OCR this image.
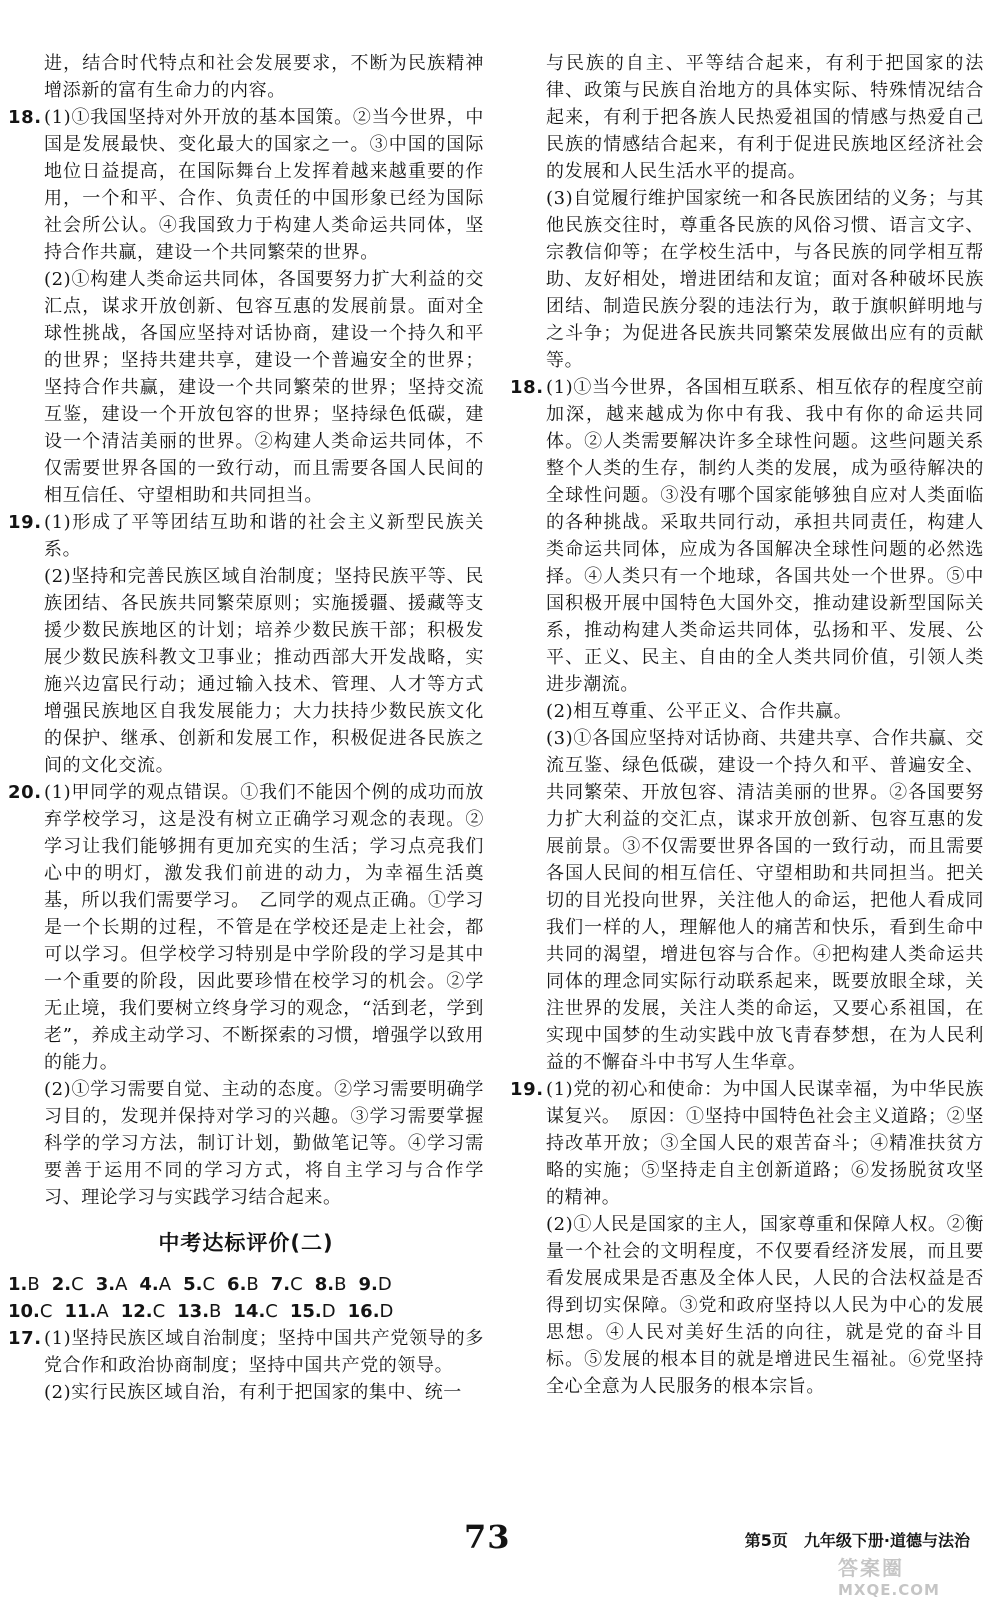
进，结合时代特点和社会发展要求，不断为民族精神增添新的富有生命力的内容。

18. (1)①我国坚持对外开放的基本国策。②当今世界，中国是发展最快、变化最大的国家之一。③中国的国际地位日益提高，在国际舞台上发挥着越来越重要的作用，一个和平、合作、负责任的中国形象已经为国际社会所公认。④我国致力于构建人类命运共同体，坚持合作共赢，建设一个共同繁荣的世界。

(2)①构建人类命运共同体，各国要努力扩大利益的交汇点，谋求开放创新、包容互惠的发展前景。面对全球性挑战，各国应坚持对话协商，建设一个持久和平的世界；坚持共建共享，建设一个普遍安全的世界；坚持合作共赢，建设一个共同繁荣的世界；坚持交流互鉴，建设一个开放包容的世界；坚持绿色低碳，建设一个清洁美丽的世界。②构建人类命运共同体，不仅需要世界各国的一致行动，而且需要各国人民间的相互信任、守望相助和共同担当。

19. (1)形成了平等团结互助和谐的社会主义新型民族关系。

(2)坚持和完善民族区域自治制度；坚持民族平等、民族团结、各民族共同繁荣原则；实施援疆、援藏等支援少数民族地区的计划；培养少数民族干部；积极发展少数民族科教文卫事业；推动西部大开发战略，实施兴边富民行动；通过输入技术、管理、人才等方式增强民族地区自我发展能力；大力扶持少数民族文化的保护、继承、创新和发展工作，积极促进各民族之间的文化交流。

20. (1)甲同学的观点错误。①我们不能因个例的成功而放弃学校学习，这是没有树立正确学习观念的表现。②学习让我们能够拥有更加充实的生活；学习点亮我们心中的明灯，激发我们前进的动力，为幸福生活奠基，所以我们需要学习。　乙同学的观点正确。①学习是一个长期的过程，不管是在学校还是走上社会，都可以学习。但学校学习特别是中学阶段的学习是其中一个重要的阶段，因此要珍惜在校学习的机会。②学无止境，我们要树立终身学习的观念，“活到老，学到老”，养成主动学习、不断探索的习惯，增强学以致用的能力。

(2)①学习需要自觉、主动的态度。②学习需要明确学习目的，发现并保持对学习的兴趣。③学习需要掌握科学的学习方法，制订计划，勤做笔记等。④学习需要善于运用不同的学习方式，将自主学习与合作学习、理论学习与实践学习结合起来。

中考达标评价(二)
1.B 2.C 3.A 4.A 5.C 6.B 7.C 8.B 9.D
10.C 11.A 12.C 13.B 14.C 15.D 16.D
17. (1)坚持民族区域自治制度；坚持中国共产党领导的多党合作和政治协商制度；坚持中国共产党的领导。

(2)实行民族区域自治，有利于把国家的集中、统一

与民族的自主、平等结合起来，有利于把国家的法律、政策与民族自治地方的具体实际、特殊情况结合起来，有利于把各族人民热爱祖国的情感与热爱自己民族的情感结合起来，有利于促进民族地区经济社会的发展和人民生活水平的提高。

(3)自觉履行维护国家统一和各民族团结的义务；与其他民族交往时，尊重各民族的风俗习惯、语言文字、宗教信仰等；在学校生活中，与各民族的同学相互帮助、友好相处，增进团结和友谊；面对各种破坏民族团结、制造民族分裂的违法行为，敢于旗帜鲜明地与之斗争；为促进各民族共同繁荣发展做出应有的贡献等。

18. (1)①当今世界，各国相互联系、相互依存的程度空前加深，越来越成为你中有我、我中有你的命运共同体。②人类需要解决许多全球性问题。这些问题关系整个人类的生存，制约人类的发展，成为亟待解决的全球性问题。③没有哪个国家能够独自应对人类面临的各种挑战。采取共同行动，承担共同责任，构建人类命运共同体，应成为各国解决全球性问题的必然选择。④人类只有一个地球，各国共处一个世界。⑤中国积极开展中国特色大国外交，推动建设新型国际关系，推动构建人类命运共同体，弘扬和平、发展、公平、正义、民主、自由的全人类共同价值，引领人类进步潮流。

(2)相互尊重、公平正义、合作共赢。

(3)①各国应坚持对话协商、共建共享、合作共赢、交流互鉴、绿色低碳，建设一个持久和平、普遍安全、共同繁荣、开放包容、清洁美丽的世界。②各国要努力扩大利益的交汇点，谋求开放创新、包容互惠的发展前景。③不仅需要世界各国的一致行动，而且需要各国人民间的相互信任、守望相助和共同担当。把关切的目光投向世界，关注他人的命运，把他人看成同我们一样的人，理解他人的痛苦和快乐，看到生命中共同的渴望，增进包容与合作。④把构建人类命运共同体的理念同实际行动联系起来，既要放眼全球，关注世界的发展，关注人类的命运，又要心系祖国，在实现中国梦的生动实践中放飞青春梦想，在为人民利益的不懈奋斗中书写人生华章。

19. (1)党的初心和使命：为中国人民谋幸福，为中华民族谋复兴。　原因：①坚持中国特色社会主义道路；②坚持改革开放；③全国人民的艰苦奋斗；④精准扶贫方略的实施；⑤坚持走自主创新道路；⑥发扬脱贫攻坚的精神。

(2)①人民是国家的主人，国家尊重和保障人权。②衡量一个社会的文明程度，不仅要看经济发展，而且要看发展成果是否惠及全体人民，人民的合法权益是否得到切实保障。③党和政府坚持以人民为中心的发展思想。④人民对美好生活的向往，就是党的奋斗目标。⑤发展的根本目的就是增进民生福祉。⑥党坚持全心全意为人民服务的根本宗旨。

73	第5页　九年级下册·道德与法治
答案圈
MXQE.COM
